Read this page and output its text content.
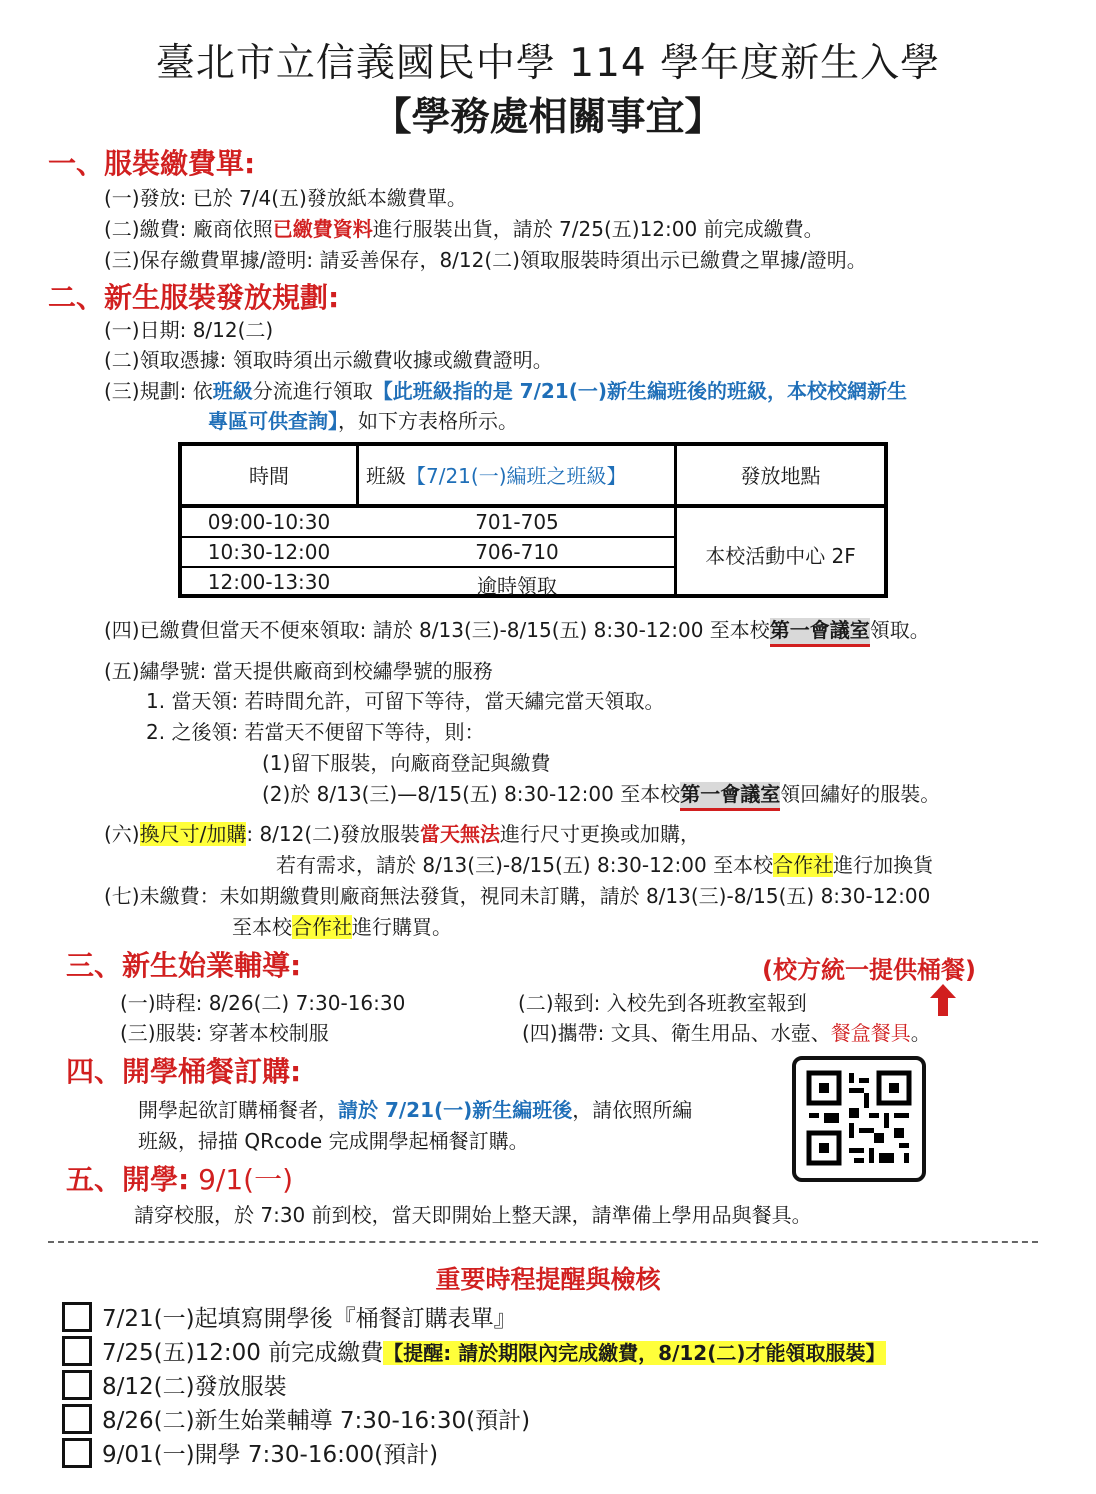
臺北市立信義國民中學 114 學年度新生入學
【學務處相關事宜】
一、服裝繳費單:
(一)發放: 已於 7/4(五)發放紙本繳費單。
(二)繳費: 廠商依照已繳費資料進行服裝出貨，請於 7/25(五)12:00 前完成繳費。
(三)保存繳費單據/證明: 請妥善保存，8/12(二)領取服裝時須出示已繳費之單據/證明。
二、新生服裝發放規劃:
(一)日期: 8/12(二)
(二)領取憑據: 領取時須出示繳費收據或繳費證明。
(三)規劃: 依班級分流進行領取【此班級指的是 7/21(一)新生編班後的班級，本校校網新生
專區可供查詢】，如下方表格所示。
時間	班級【7/21(一)編班之班級】	發放地點
09:00-10:30	701-705
10:30-12:00	706-710
12:00-13:30	逾時領取
本校活動中心 2F
(四)已繳費但當天不便來領取: 請於 8/13(三)-8/15(五) 8:30-12:00 至本校第一會議室領取。
(五)繡學號: 當天提供廠商到校繡學號的服務
1. 當天領: 若時間允許，可留下等待，當天繡完當天領取。
2. 之後領: 若當天不便留下等待，則：
(1)留下服裝，向廠商登記與繳費
(2)於 8/13(三)—8/15(五) 8:30-12:00 至本校第一會議室領回繡好的服裝。
(六)換尺寸/加購: 8/12(二)發放服裝當天無法進行尺寸更換或加購，
若有需求，請於 8/13(三)-8/15(五) 8:30-12:00 至本校合作社進行加換貨
(七)未繳費：未如期繳費則廠商無法發貨，視同未訂購，請於 8/13(三)-8/15(五) 8:30-12:00
至本校合作社進行購買。
三、新生始業輔導:	(校方統一提供桶餐)
(一)時程: 8/26(二) 7:30-16:30	(二)報到: 入校先到各班教室報到
(三)服裝: 穿著本校制服	(四)攜帶: 文具、衛生用品、水壺、餐盒餐具。
四、開學桶餐訂購:
開學起欲訂購桶餐者，請於 7/21(一)新生編班後，請依照所編
班級，掃描 QRcode 完成開學起桶餐訂購。
五、開學: 9/1(一)
請穿校服，於 7:30 前到校，當天即開始上整天課，請準備上學用品與餐具。
重要時程提醒與檢核
7/21(一)起填寫開學後『桶餐訂購表單』
7/25(五)12:00 前完成繳費【提醒: 請於期限內完成繳費，8/12(二)才能領取服裝】
8/12(二)發放服裝
8/26(二)新生始業輔導 7:30-16:30(預計)
9/01(一)開學 7:30-16:00(預計)
